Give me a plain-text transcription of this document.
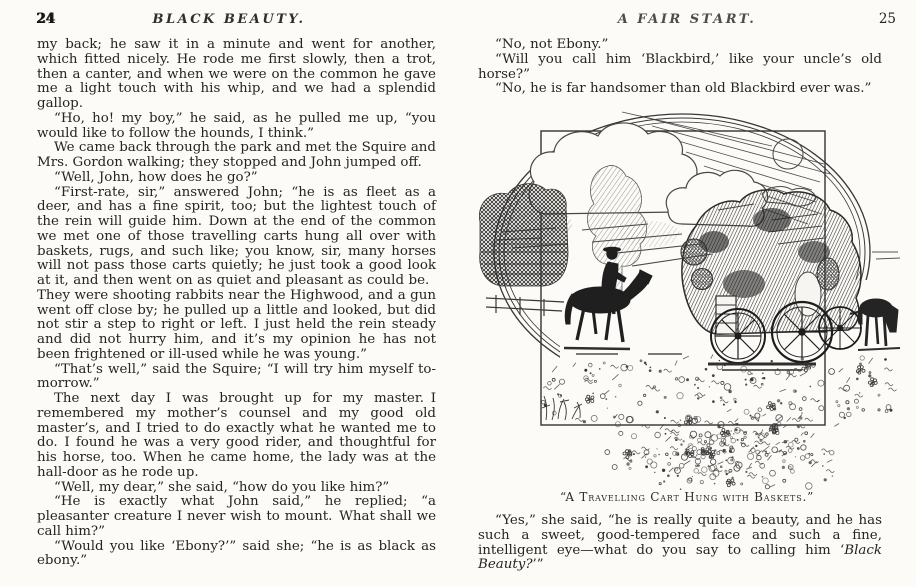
24	BLACK BEAUTY.

my back; he saw it in a minute and went for another, which fitted nicely. He rode me first slowly, then a trot, then a canter, and when we were on the common he gave me a light touch with his whip, and we had a splendid gallop.

“Ho, ho! my boy,” he said, as he pulled me up, “you would like to follow the hounds, I think.”

We came back through the park and met the Squire and Mrs. Gordon walking; they stopped and John jumped off.

“Well, John, how does he go?”

“First-rate, sir,” answered John; “he is as fleet as a deer, and has a fine spirit, too; but the lightest touch of the rein will guide him. Down at the end of the common we met one of those travelling carts hung all over with baskets, rugs, and such like; you know, sir, many horses will not pass those carts quietly; he just took a good look at it, and then went on as quiet and pleasant as could be. They were shooting rabbits near the Highwood, and a gun went off close by; he pulled up a little and looked, but did not stir a step to right or left. I just held the rein steady and did not hurry him, and it’s my opinion he has not been frightened or ill-used while he was young.”

“That’s well,” said the Squire; “I will try him myself to-morrow.”

The next day I was brought up for my master. I remembered my mother’s counsel and my good old master’s, and I tried to do exactly what he wanted me to do. I found he was a very good rider, and thoughtful for his horse, too. When he came home, the lady was at the hall-door as he rode up.

“Well, my dear,” she said, “how do you like him?”

“He is exactly what John said,” he replied; “a pleasanter creature I never wish to mount. What shall we call him?”

“Would you like ‘Ebony?’” said she; “he is as black as ebony.”

A FAIR START.	25

“No, not Ebony.”

“Will you call him ‘Blackbird,’ like your uncle’s old horse?”

“No, he is far handsomer than old Blackbird ever was.”

“A Travelling Cart Hung with Baskets.”

“Yes,” she said, “he is really quite a beauty, and he has such a sweet, good-tempered face and such a fine, intelligent eye—what do you say to calling him ‘Black Beauty?’”
